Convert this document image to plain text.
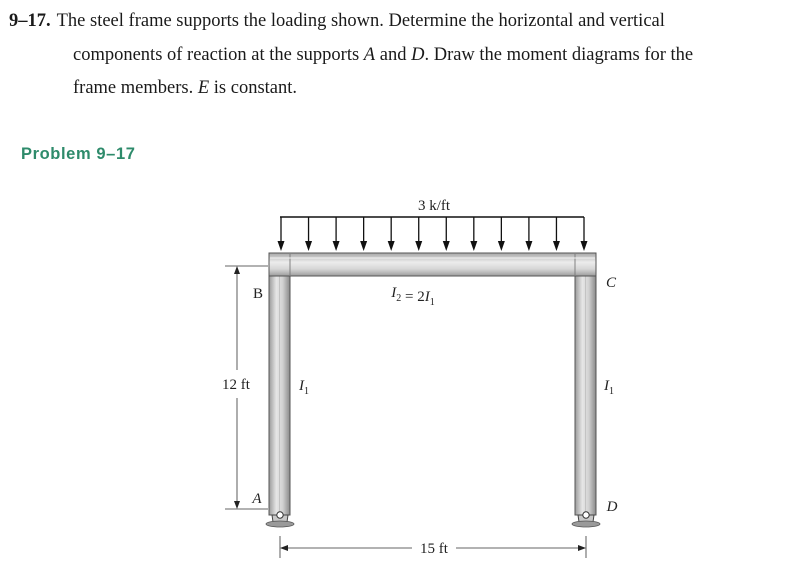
9–17. The steel frame supports the loading shown. Determine the horizontal and vertical
components of reaction at the supports A and D. Draw the moment diagrams for the
frame members. E is constant.
Problem 9–17
3 k/ft
$I_2 = 2I_1$
$I_1$	$I_1$
B
C
A	D
12 ft
15 ft
